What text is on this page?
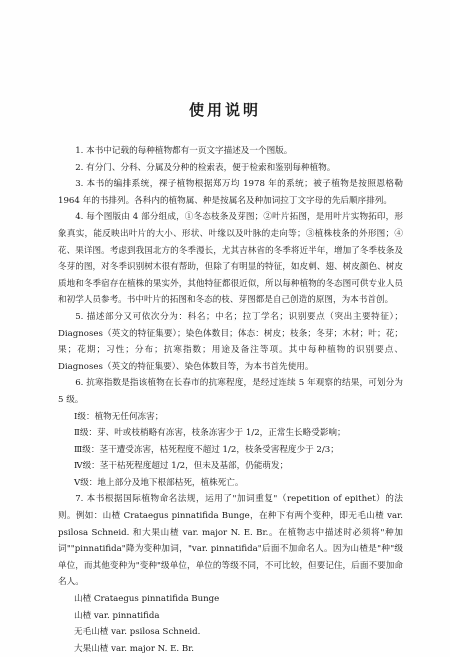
使用说明

1. 本书中记载的每种植物都有一页文字描述及一个图版。

2. 有分门、分科、分属及分种的检索表，便于检索和鉴别每种植物。

3. 本书的编排系统，裸子植物根据郑万均 1978 年的系统；被子植物是按照恩格勒 1964 年的书排列。各科内的植物属、种是按属名及种加词拉丁文字母的先后顺序排列。

4. 每个图版由 4 部分组成，①冬态枝条及芽图；②叶片拓图，是用叶片实物拓印，形象真实，能反映出叶片的大小、形状、叶缘以及叶脉的走向等；③植株枝条的外形图；④花、果详图。考虑到我国北方的冬季漫长，尤其吉林省的冬季将近半年，增加了冬季枝条及冬芽的图，对冬季识别树木很有帮助，但除了有明显的特征，如皮刺、翅、树皮颜色、树皮质地和冬季宿存在植株的果实外，其他特征都很近似，所以每种植物的冬态图可供专业人员和初学人员参考。书中叶片的拓图和冬态的枝、芽图都是自己创造的原图，为本书首创。

5. 描述部分又可依次分为：科名；中名；拉丁学名；识别要点（突出主要特征）；Diagnoses（英文的特征集要）；染色体数目；体态：树皮；枝条；冬芽；木材；叶；花；果；花期；习性；分布；抗寒指数；用途及备注等项。其中每种植物的识别要点、Diagnoses（英文的特征集要）、染色体数目等，为本书首先使用。

6. 抗寒指数是指该植物在长春市的抗寒程度，是经过连续 5 年观察的结果，可划分为 5 级。

Ⅰ级：植物无任何冻害；

Ⅱ级：芽、叶或枝梢略有冻害，枝条冻害少于 1/2，正常生长略受影响；

Ⅲ级：茎干遭受冻害，枯死程度不超过 1/2，枝条受害程度少于 2/3；

Ⅳ级：茎干枯死程度超过 1/2，但未及基部，仍能萌发；

Ⅴ级：地上部分及地下根部枯死，植株死亡。

7. 本书根据国际植物命名法规，运用了"加词重复"（repetition of epithet）的法则。例如：山楂 Crataegus pinnatifida Bunge，在种下有两个变种，即无毛山楂 var. psilosa Schneid. 和大果山楂 var. major N. E. Br.。在植物志中描述时必须将"种加词""pinnatifida"降为变种加词，"var. pinnatifida"后面不加命名人。因为山楂是"种"级单位，而其他变种为"变种"级单位，单位的等级不同，不可比较，但要记住，后面不要加命名人。

山楂 Crataegus pinnatifida Bunge

山楂 var. pinnatifida

无毛山楂 var. psilosa Schneid.

大果山楂 var. major N. E. Br.
